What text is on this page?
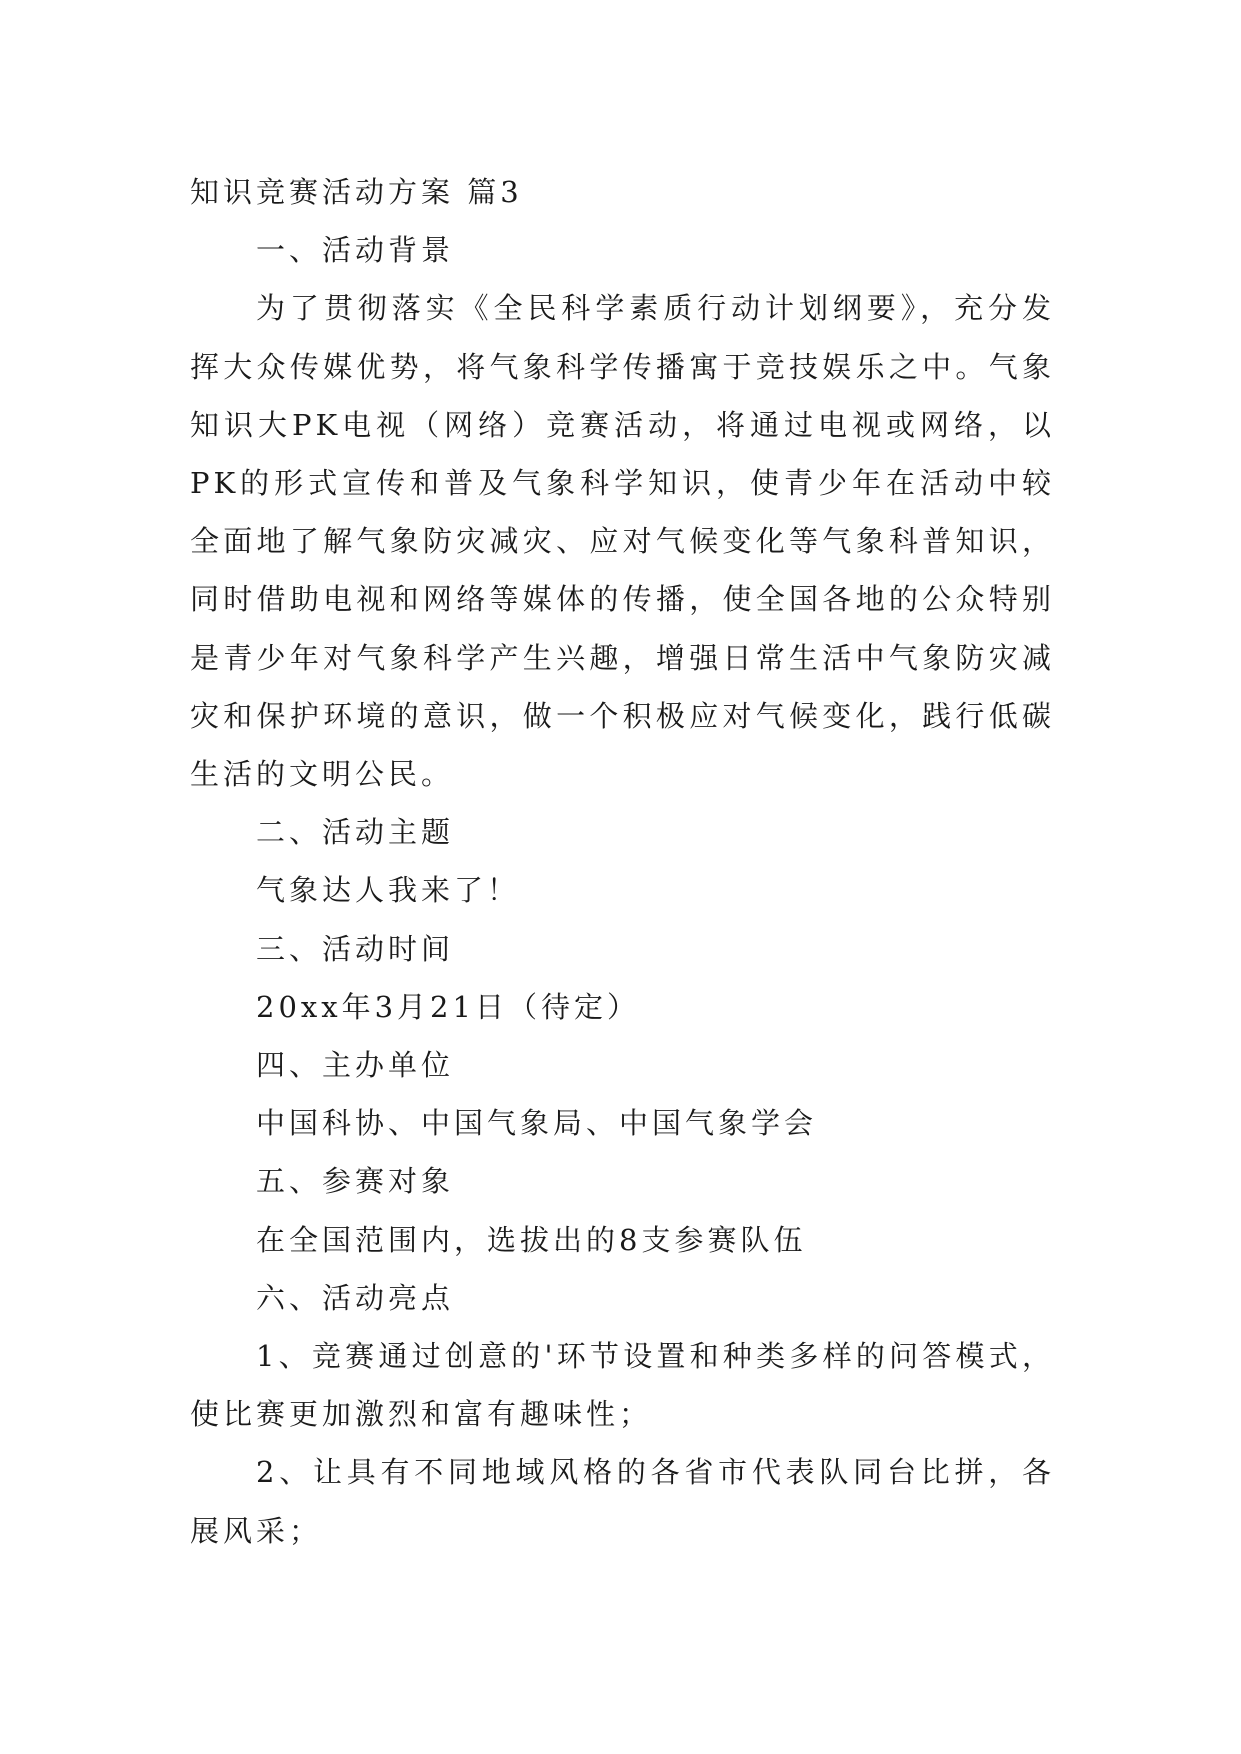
知识竞赛活动方案 篇3

一、活动背景

为了贯彻落实《全民科学素质行动计划纲要》，充分发挥大众传媒优势，将气象科学传播寓于竞技娱乐之中。气象知识大PK电视（网络）竞赛活动，将通过电视或网络，以PK的形式宣传和普及气象科学知识，使青少年在活动中较全面地了解气象防灾减灾、应对气候变化等气象科普知识，同时借助电视和网络等媒体的传播，使全国各地的公众特别是青少年对气象科学产生兴趣，增强日常生活中气象防灾减灾和保护环境的意识，做一个积极应对气候变化，践行低碳生活的文明公民。

二、活动主题

气象达人我来了！

三、活动时间

20xx年3月21日（待定）

四、主办单位

中国科协、中国气象局、中国气象学会

五、参赛对象

在全国范围内，选拔出的8支参赛队伍

六、活动亮点

1、竞赛通过创意的'环节设置和种类多样的问答模式，使比赛更加激烈和富有趣味性；

2、让具有不同地域风格的各省市代表队同台比拼，各展风采；
